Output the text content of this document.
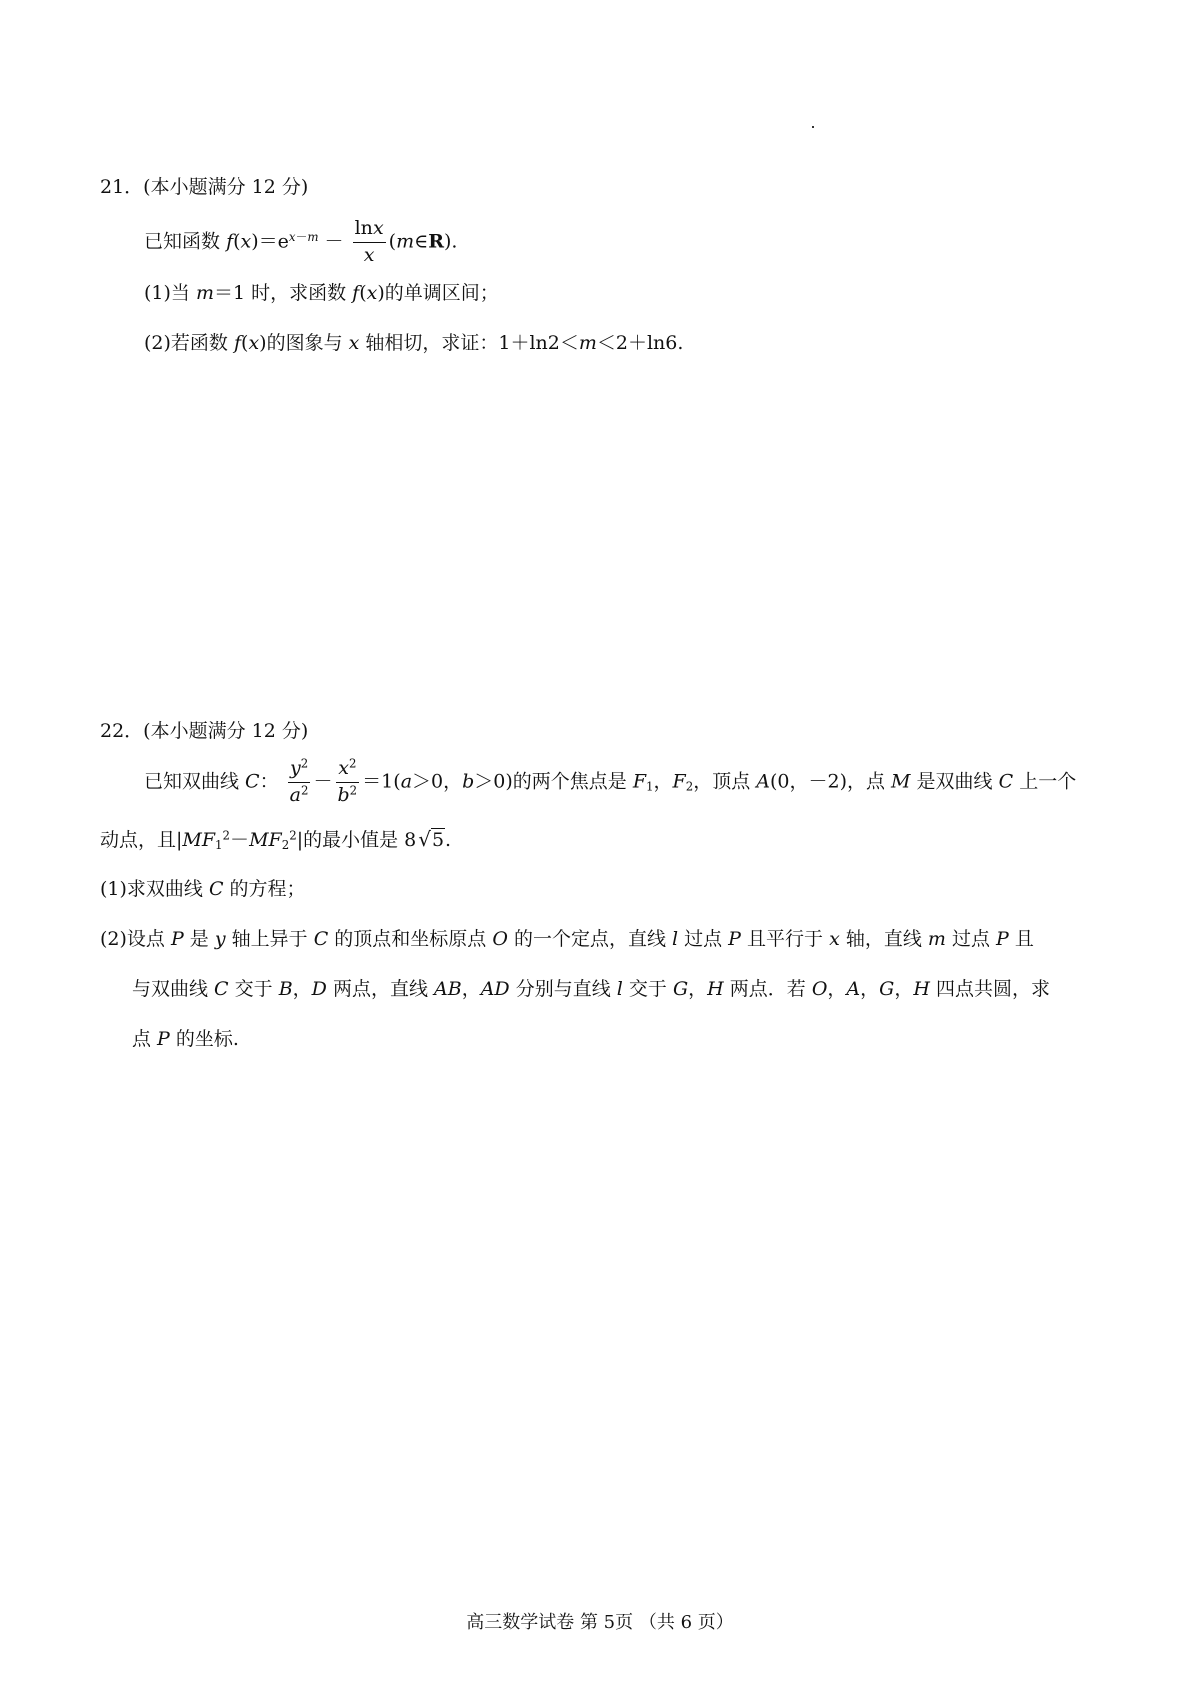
21．(本小题满分 12 分)
已知函数 $f(x)=e^{x-m} - \frac{\ln x}{x}$ (m∈R).
(1)当 m＝1 时，求函数 f(x)的单调区间；
(2)若函数 f(x)的图象与 x 轴相切，求证：1＋ln2＜m＜2＋ln6.
22．(本小题满分 12 分)
已知双曲线 C： $\frac{y^2}{a^2} - \frac{x^2}{b^2} =1(a>0$，b＞0)的两个焦点是 $F_1$，$F_2$，顶点 A(0，－2)，点 M 是双曲线 C 上一个
动点，且$|MF_1^2-MF_2^2|$的最小值是 8 √5.
(1)求双曲线 C 的方程；
(2)设点 P 是 y 轴上异于 C 的顶点和坐标原点 O 的一个定点，直线 l 过点 P 且平行于 x 轴，直线 m 过点 P 且
与双曲线 C 交于 B，D 两点，直线 AB，AD 分别与直线 l 交于 G，H 两点．若 O，A，G，H 四点共圆，求
点 P 的坐标.
高三数学试卷 第 5页 （共 6 页）
